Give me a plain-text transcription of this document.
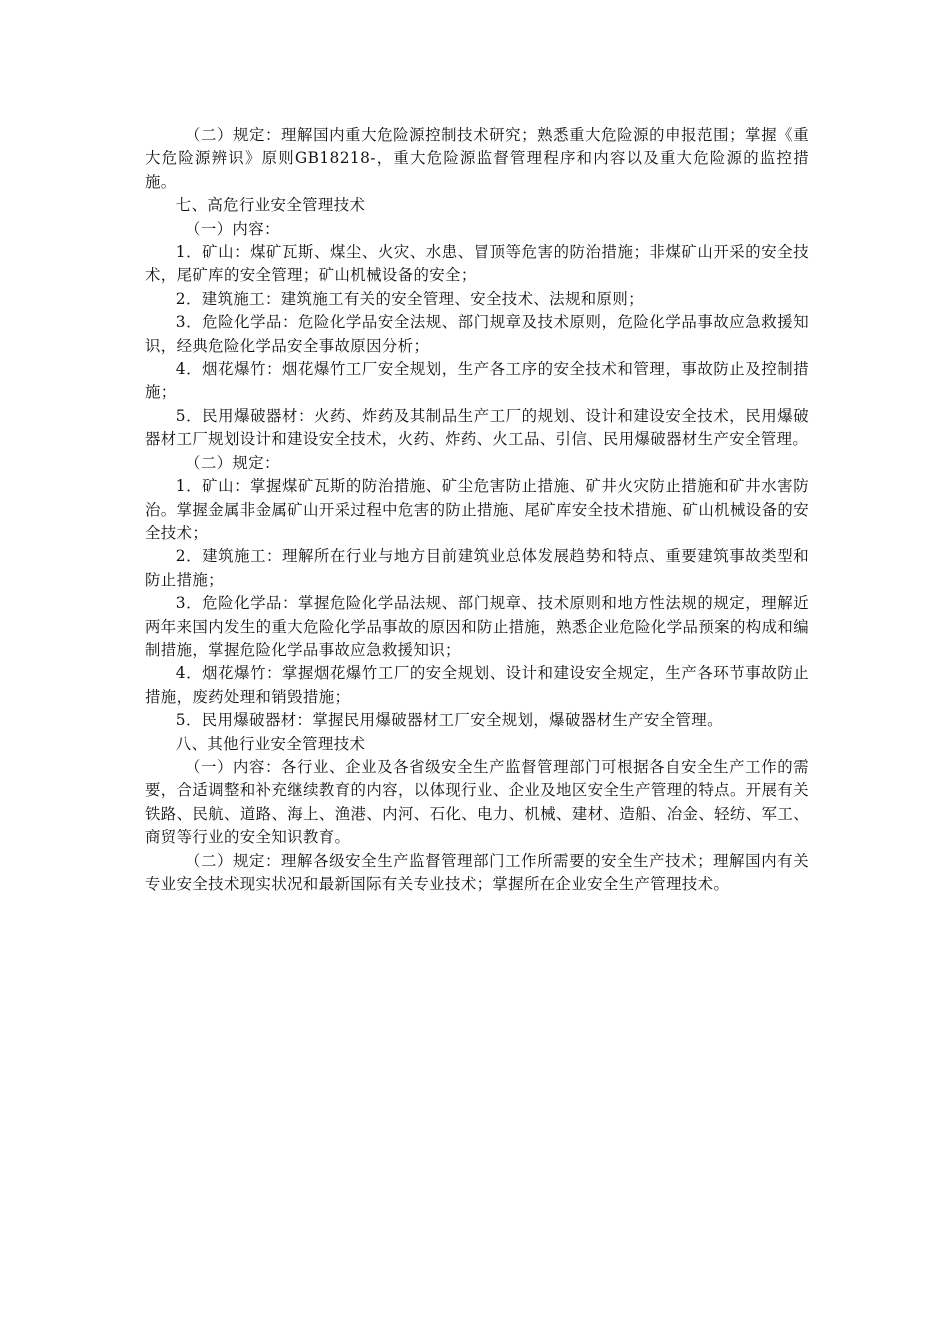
（二）规定：理解国内重大危险源控制技术研究；熟悉重大危险源的申报范围；掌握《重大危险源辨识》原则GB18218-，重大危险源监督管理程序和内容以及重大危险源的监控措施。

七、高危行业安全管理技术

（一）内容：

1．矿山：煤矿瓦斯、煤尘、火灾、水患、冒顶等危害的防治措施；非煤矿山开采的安全技术，尾矿库的安全管理；矿山机械设备的安全；

2．建筑施工：建筑施工有关的安全管理、安全技术、法规和原则；

3．危险化学品：危险化学品安全法规、部门规章及技术原则，危险化学品事故应急救援知识，经典危险化学品安全事故原因分析；

4．烟花爆竹：烟花爆竹工厂安全规划，生产各工序的安全技术和管理，事故防止及控制措施；

5．民用爆破器材：火药、炸药及其制品生产工厂的规划、设计和建设安全技术，民用爆破器材工厂规划设计和建设安全技术，火药、炸药、火工品、引信、民用爆破器材生产安全管理。

（二）规定：

1．矿山：掌握煤矿瓦斯的防治措施、矿尘危害防止措施、矿井火灾防止措施和矿井水害防治。掌握金属非金属矿山开采过程中危害的防止措施、尾矿库安全技术措施、矿山机械设备的安全技术；

2．建筑施工：理解所在行业与地方目前建筑业总体发展趋势和特点、重要建筑事故类型和防止措施；

3．危险化学品：掌握危险化学品法规、部门规章、技术原则和地方性法规的规定，理解近两年来国内发生的重大危险化学品事故的原因和防止措施，熟悉企业危险化学品预案的构成和编制措施，掌握危险化学品事故应急救援知识；

4．烟花爆竹：掌握烟花爆竹工厂的安全规划、设计和建设安全规定，生产各环节事故防止措施，废药处理和销毁措施；

5．民用爆破器材：掌握民用爆破器材工厂安全规划，爆破器材生产安全管理。

八、其他行业安全管理技术

（一）内容：各行业、企业及各省级安全生产监督管理部门可根据各自安全生产工作的需要，合适调整和补充继续教育的内容，以体现行业、企业及地区安全生产管理的特点。开展有关铁路、民航、道路、海上、渔港、内河、石化、电力、机械、建材、造船、冶金、轻纺、军工、商贸等行业的安全知识教育。

（二）规定：理解各级安全生产监督管理部门工作所需要的安全生产技术；理解国内有关专业安全技术现实状况和最新国际有关专业技术；掌握所在企业安全生产管理技术。
